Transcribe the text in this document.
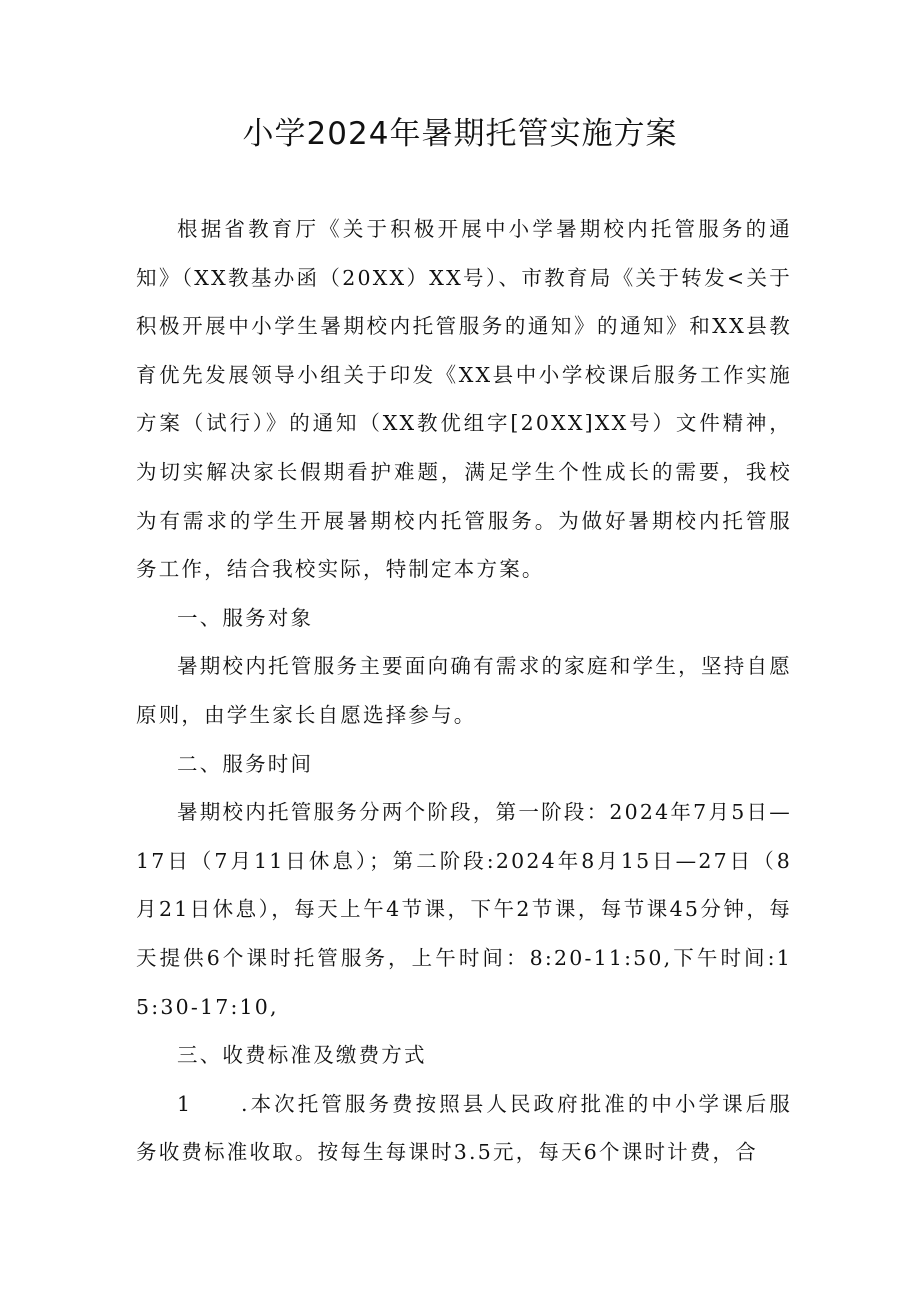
小学2024年暑期托管实施方案

根据省教育厅《关于积极开展中小学暑期校内托管服务的通知》（XX教基办函（20XX）XX号）、市教育局《关于转发<关于积极开展中小学生暑期校内托管服务的通知》的通知》和XX县教育优先发展领导小组关于印发《XX县中小学校课后服务工作实施方案（试行）》的通知（XX教优组字[20XX]XX号）文件精神，为切实解决家长假期看护难题，满足学生个性成长的需要，我校为有需求的学生开展暑期校内托管服务。为做好暑期校内托管服务工作，结合我校实际，特制定本方案。

一、服务对象

暑期校内托管服务主要面向确有需求的家庭和学生，坚持自愿原则，由学生家长自愿选择参与。

二、服务时间

暑期校内托管服务分两个阶段，第一阶段：2024年7月5日—17日（7月11日休息）；第二阶段:2024年8月15日—27日（8月21日休息），每天上午4节课，下午2节课，每节课45分钟，每天提供6个课时托管服务，上午时间：8:20-11:50,下午时间:15:30-17:10,

三、收费标准及缴费方式

1 .本次托管服务费按照县人民政府批准的中小学课后服务收费标准收取。按每生每课时3.5元，每天6个课时计费，合
